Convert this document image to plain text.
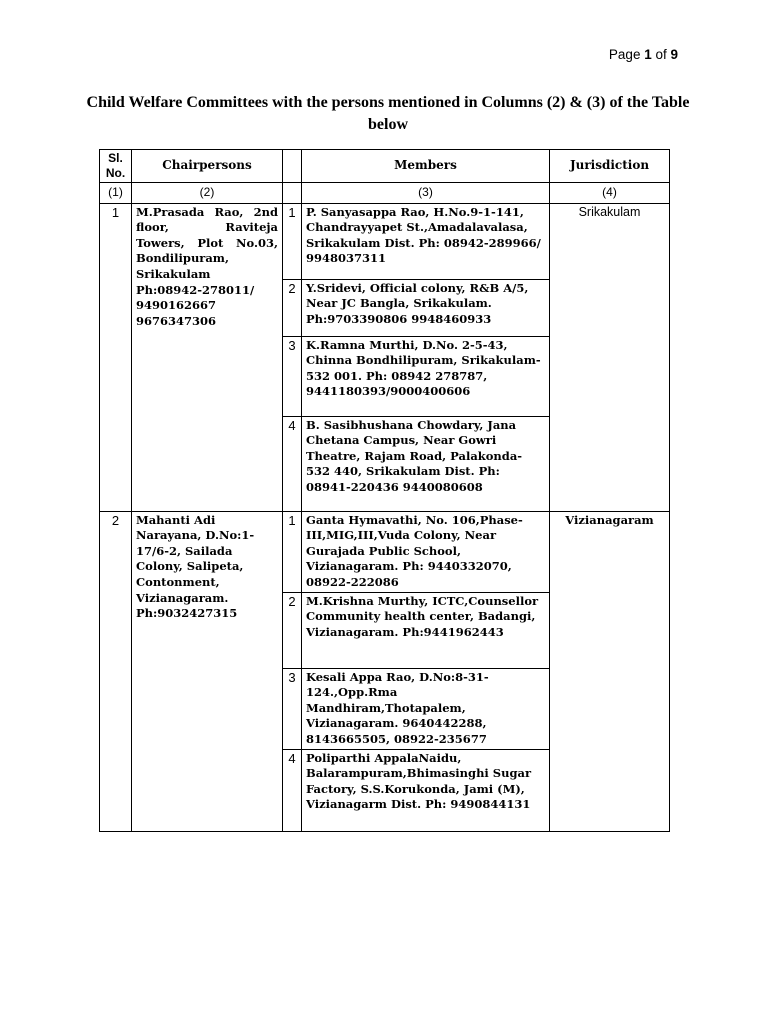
Page 1 of 9
Child Welfare Committees with the persons mentioned in Columns (2) & (3) of the Table below
Sl. No.	Chairpersons		Members	Jurisdiction
(1)	(2)		(3)	(4)
1	M.Prasada Rao, 2nd floor, Raviteja Towers, Plot No.03, Bondilipuram, Srikakulam Ph:08942-278011/ 9490162667 9676347306	1	P. Sanyasappa Rao, H.No.9-1-141, Chandrayyapet St.,Amadalavalasa, Srikakulam Dist. Ph: 08942-289966/ 9948037311	Srikakulam
		2	Y.Sridevi, Official colony, R&B A/5, Near JC Bangla, Srikakulam. Ph:9703390806 9948460933	
		3	K.Ramna Murthi, D.No. 2-5-43, Chinna Bondhilipuram, Srikakulam-532 001. Ph: 08942 278787, 9441180393/9000400606	
		4	B. Sasibhushana Chowdary, Jana Chetana Campus, Near Gowri Theatre, Rajam Road, Palakonda-532 440, Srikakulam Dist. Ph: 08941-220436 9440080608	
2	Mahanti Adi Narayana, D.No:1-17/6-2, Sailada Colony, Salipeta, Contonment, Vizianagaram. Ph:9032427315	1	Ganta Hymavathi, No. 106,Phase-III,MIG,III,Vuda Colony, Near Gurajada Public School, Vizianagaram. Ph: 9440332070, 08922-222086	Vizianagaram
		2	M.Krishna Murthy, ICTC,Counsellor Community health center, Badangi, Vizianagaram. Ph:9441962443	
		3	Kesali Appa Rao, D.No:8-31-124.,Opp.Rma Mandhiram,Thotapalem, Vizianagaram. 9640442288, 8143665505, 08922-235677	
		4	Poliparthi AppalaNaidu, Balarampuram,Bhimasinghi Sugar Factory, S.S.Korukonda, Jami (M), Vizianagarm Dist. Ph: 9490844131	
